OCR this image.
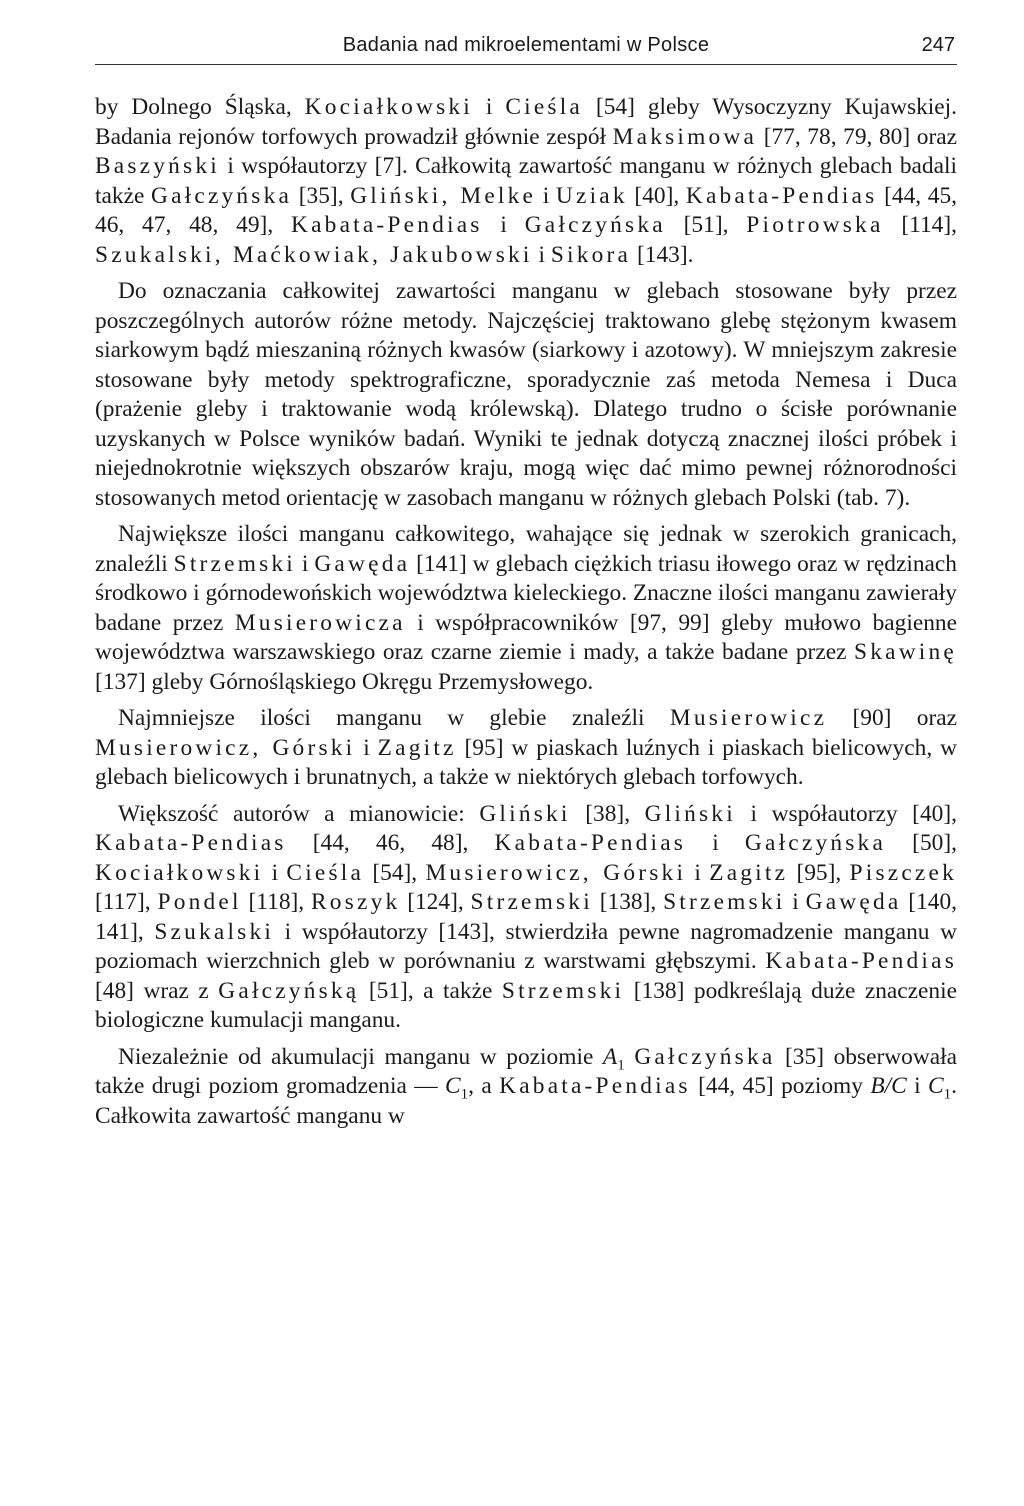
Badania nad mikroelementami w Polsce	247

by Dolnego Śląska, Kociałkowski i Cieśla [54] gleby Wysoczyzny Kujawskiej. Badania rejonów torfowych prowadził głównie zespół Maksimowa [77, 78, 79, 80] oraz Baszyński i współautorzy [7]. Całkowitą zawartość manganu w różnych glebach badali także Gałczyńska [35], Gliński, Melke i Uziak [40], Kabata-Pendias [44, 45, 46, 47, 48, 49], Kabata-Pendias i Gałczyńska [51], Piotrowska [114], Szukalski, Maćkowiak, Jakubowski i Sikora [143].

Do oznaczania całkowitej zawartości manganu w glebach stosowane były przez poszczególnych autorów różne metody. Najczęściej traktowano glebę stężonym kwasem siarkowym bądź mieszaniną różnych kwasów (siarkowy i azotowy). W mniejszym zakresie stosowane były metody spektrograficzne, sporadycznie zaś metoda Nemesa i Duca (prażenie gleby i traktowanie wodą królewską). Dlatego trudno o ścisłe porównanie uzyskanych w Polsce wyników badań. Wyniki te jednak dotyczą znacznej ilości próbek i niejednokrotnie większych obszarów kraju, mogą więc dać mimo pewnej różnorodności stosowanych metod orientację w zasobach manganu w różnych glebach Polski (tab. 7).

Największe ilości manganu całkowitego, wahające się jednak w szerokich granicach, znaleźli Strzemski i Gawęda [141] w glebach ciężkich triasu iłowego oraz w rędzinach środkowo i górnodewońskich województwa kieleckiego. Znaczne ilości manganu zawierały badane przez Musierowicza i współpracowników [97, 99] gleby mułowo bagienne województwa warszawskiego oraz czarne ziemie i mady, a także badane przez Skawinę [137] gleby Górnośląskiego Okręgu Przemysłowego.

Najmniejsze ilości manganu w glebie znaleźli Musierowicz [90] oraz Musierowicz, Górski i Zagitz [95] w piaskach luźnych i piaskach bielicowych, w glebach bielicowych i brunatnych, a także w niektórych glebach torfowych.

Większość autorów a mianowicie: Gliński [38], Gliński i współautorzy [40], Kabata-Pendias [44, 46, 48], Kabata-Pendias i Gałczyńska [50], Kociałkowski i Cieśla [54], Musierowicz, Górski i Zagitz [95], Piszczek [117], Pondel [118], Roszyk [124], Strzemski [138], Strzemski i Gawęda [140, 141], Szukalski i współautorzy [143], stwierdziła pewne nagromadzenie manganu w poziomach wierzchnich gleb w porównaniu z warstwami głębszymi. Kabata-Pendias [48] wraz z Gałczyńską [51], a także Strzemski [138] podkreślają duże znaczenie biologiczne kumulacji manganu.

Niezależnie od akumulacji manganu w poziomie $A_1$ Gałczyńska [35] obserwowała także drugi poziom gromadzenia — $C_1$, a Kabata-Pendias [44, 45] poziomy B/C i $C_1$. Całkowita zawartość manganu w
